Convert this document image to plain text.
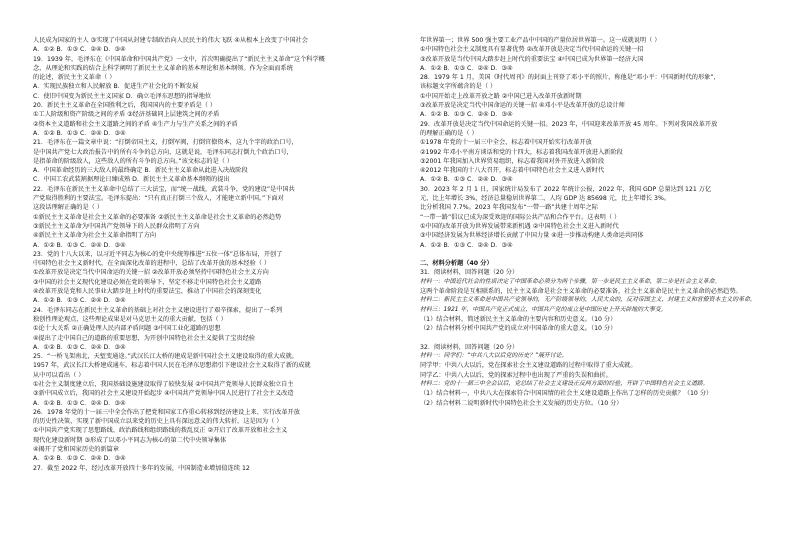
人民成为国家的主人 ③实现了中国从封建专制政治向人民民主的伟大飞跃 ④从根本上改变了中国社会
A．①② B．①③ C．②④ D．③④
19．1939 年，毛泽东在《中国革命和中国共产党》一文中，首次明确提出了“新民主主义革命”这个科学概
念，从理论和实践的结合上科学阐明了新民主主义革命的基本理论和基本纲领。作为全面而系统
的论述，新民主主义革命（ ）
A．实现民族独立和人民解放 B．促进生产社会化的不断发展
C．使旧中国变为新民主主义国家 D．确立毛泽东思想的指导地位
20．新民主主义革命在全国胜利之后，我国国内的主要矛盾是（ ）
①工人阶级和资产阶级之间的矛盾 ③经济基础同上层建筑之间的矛盾
②资本主义道路和社会主义道路之间的矛盾 ④生产力与生产关系之间的矛盾
A．①② B．①③ C．②④ D．③④
21．毛泽东在一篇文章中说：“打倒帝国主义，打倒军阀，打倒官僚资本，这九个字的政治口号，
是中国共产党七大政治报告中的所有斗争的总方向，这就是说，毛泽东同志打倒九个政治口号，
是指革命的阶级敌人，这些敌人的所有斗争的总方向。”该文标志的是（ ）
A．中国革命经历的三大敌人的最终确定 B．新民主主义革命从此进入决战阶段
C．中国工农武装割据理论日臻成熟 D．新民主主义革命基本纲领的提出
22．毛泽东在新民主主义革命中总结了三大法宝，而“统一战线，武装斗争，党的建设”是中国共
产党取得胜利的主要法宝。毛泽东提出：“只有真正打倒三个敌人，才能建立新中国。”下面对
这段话理解正确的是（ ）
①新民主主义革命是社会主义革命的必要准备 ②新民主主义革命是社会主义革命的必然趋势
③新民主主义革命为中国共产党领导下的人民群众指明了方向
④新民主主义革命为社会主义革命指明了方向
A．①② B．①③ C．②④ D．③④
23．党的十八大以来，以习近平同志为核心的党中央统筹推进“五位一体”总体布局，开创了
中国特色社会主义新时代，在全面深化改革的进程中，总结了改革开放的基本经验（ ）
①改革开放是决定当代中国命运的关键一招 ②改革开放必须坚持中国特色社会主义方向
③中国的社会主义现代化建设必须在党的领导下，坚定不移走中国特色社会主义道路
④改革开放是党和人民事业大踏步赶上时代的重要法宝，推动了中国社会的深刻变化
A．①② B．①③ C．②④ D．③④
24．毛泽东同志在新民主主义革命的基础上对社会主义建设进行了艰辛探索，提出了一系列
独创性理论观点，这些理论成果是对马克思主义的重大贡献，包括（ ）
①论十大关系 ②正确处理人民内部矛盾问题 ③中国工业化道路的思想
④提出了走中国自己的道路的重要思想，为开创中国特色社会主义提供了宝贵经验
A．①② B．①③ C．②④ D．③④
25．“一桥飞架南北，天堑变通途。”武汉长江大桥的建成是新中国社会主义建设取得的重大成就。
1957 年，武汉长江大桥建成通车，标志着中国人民在毛泽东思想指引下建设社会主义取得了新的成就
从中可以看出（ ）
①社会主义制度建立后，我国基础设施建设取得了较快发展 ②中国共产党领导人民群众独立自主
③新中国成立后，我国的社会主义建设开始起步 ④中国共产党领导中国人民进行了社会主义改造
A．①② B．①③ C．②④ D．③④
26．1978 年党的十一届三中全会作出了把党和国家工作重心转移到经济建设上来、实行改革开放
的历史性决策，实现了新中国成立以来党的历史上具有深远意义的伟大转折。这是因为（ ）
①中国共产党实现了思想路线、政治路线和组织路线的拨乱反正 ②开启了改革开放和社会主义
现代化建设新时期 ③形成了以邓小平同志为核心的第二代中央领导集体
④揭开了党和国家历史的新篇章
A．①② B．①③ C．②④ D．③④
27．截至 2022 年，经过改革开放四十多年的发展，中国制造业增加值连续 12
年世界第一；世界 500 强主要工业产品中中国的产量位居世界第一。这一成就说明（ ）
①中国特色社会主义制度具有显著优势 ②改革开放是决定当代中国命运的关键一招
③改革开放是当代中国大踏步赶上时代的重要法宝 ④中国已成为世界第一经济大国
A．①② B．①③ C．②④ D．③④
28．1979 年 1 月，美国《时代周刊》的封面上刊登了邓小平的照片，称他是“邓小平：中国新时代的形象”，
该标题文字所蕴含的是（ ）
①中国开始走上改革开放之路 ②中国已进入改革开放新时期
③改革开放是决定当代中国命运的关键一招 ④邓小平是改革开放的总设计师
A．①② B．①③ C．②④ D．③④
29．改革开放是决定当代中国命运的关键一招。2023 年，中国迎来改革开放 45 周年。下列对我国改革开放
的理解正确的是（ ）
①1978 年党的十一届三中全会，标志着中国开始实行改革开放
②1992 年邓小平南方谈话和党的十四大，标志着我国改革开放进入新阶段
③2001 年我国加入世界贸易组织，标志着我国对外开放进入新阶段
④2012 年我国的十八大召开，标志着中国特色社会主义进入新时代
A．①② B．①③ C．②④ D．③④
30．2023 年 2 月 1 日，国家统计局发布了 2022 年统计公报，2022 年，我国 GDP 总量达到 121 万亿
元，比上年增长 3%，经济总量稳居世界第二，人均 GDP 达 85698 元，比上年增长 3%。
比分析我国 7.7%。2023 年我国发布“一带一路”共建十周年之际
“一带一路”倡议已成为深受欢迎的国际公共产品和合作平台。这表明（ ）
①中国的改革开放为世界发展带来新机遇 ②中国特色社会主义进入新时代
③中国经济发展为世界经济增长贡献了中国力量 ④进一步推动构建人类命运共同体
A．①② B．①③ C．②④ D．③④
二、材料分析题（40 分）
31．阅读材料，回答问题（20 分）
材料一：中国近代社会的性质决定了中国革命必须分为两个步骤，第一步是民主主义革命，第二步是社会主义革命。
这两个革命阶段是互相联系的，民主主义革命是社会主义革命的必要准备，社会主义革命是民主主义革命的必然趋势。
材料二：新民主主义革命是中国共产党领导的，无产阶级领导的，人民大众的，反对帝国主义、封建主义和官僚资本主义的革命。
材料三：1921 年，中国共产党正式成立，中国共产党的成立是中国历史上开天辟地的大事变。
（1）结合材料，简述新民主主义革命的主要内容和历史意义。（10 分）
（2）结合材料分析中国共产党的成立对中国革命的重大意义。（10 分）
32．阅读材料，回答问题（20 分）
材料一：同学们：“中共八大以后党的历史？”展开讨论。
同学甲：中共八大以后，党在探索社会主义建设道路的过程中取得了重大成就。
同学乙：中共八大以后，党的探索过程中也出现了严重的失误和曲折。
材料二：党的十一届三中全会以后，党总结了社会主义建设正反两方面的经验，开辟了中国特色社会主义道路。
（1）结合材料一，中共八大在探索符合中国国情的社会主义建设道路上作出了怎样的历史贡献？（10 分）
（2）结合材料二说明新时代中国特色社会主义发展的历史方位。（10 分）
